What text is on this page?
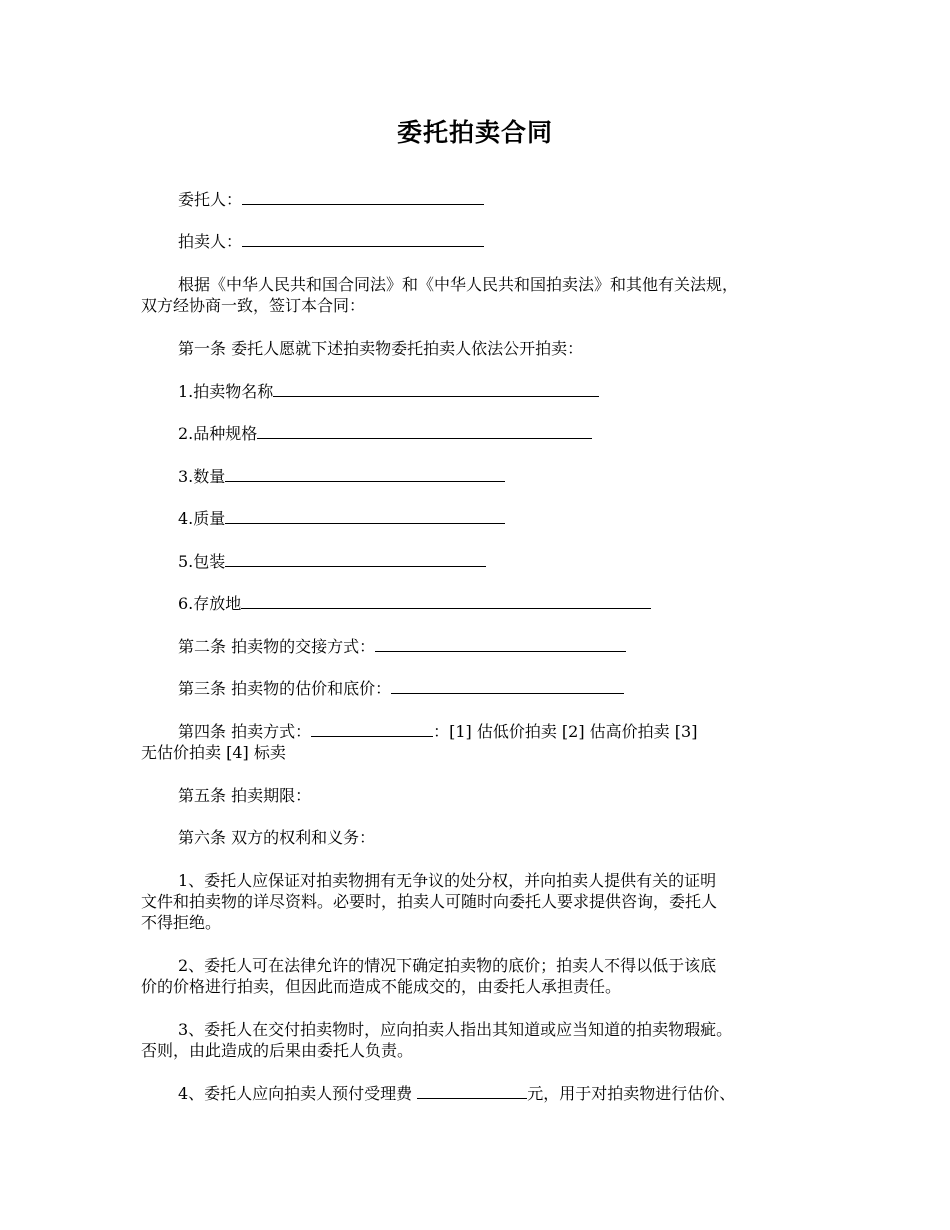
委托拍卖合同
委托人：
拍卖人：
根据《中华人民共和国合同法》和《中华人民共和国拍卖法》和其他有关法规，
双方经协商一致，签订本合同：
第一条 委托人愿就下述拍卖物委托拍卖人依法公开拍卖：
1.拍卖物名称
2.品种规格
3.数量
4.质量
5.包装
6.存放地
第二条 拍卖物的交接方式：
第三条 拍卖物的估价和底价：
第四条 拍卖方式：	：[1] 估低价拍卖 [2] 估高价拍卖 [3]
无估价拍卖 [4] 标卖
第五条 拍卖期限：
第六条 双方的权利和义务：
1、委托人应保证对拍卖物拥有无争议的处分权，并向拍卖人提供有关的证明
文件和拍卖物的详尽资料。必要时，拍卖人可随时向委托人要求提供咨询，委托人
不得拒绝。
2、委托人可在法律允许的情况下确定拍卖物的底价；拍卖人不得以低于该底
价的价格进行拍卖，但因此而造成不能成交的，由委托人承担责任。
3、委托人在交付拍卖物时，应向拍卖人指出其知道或应当知道的拍卖物瑕疵。
否则，由此造成的后果由委托人负责。
4、委托人应向拍卖人预付受理费	元，用于对拍卖物进行估价、
